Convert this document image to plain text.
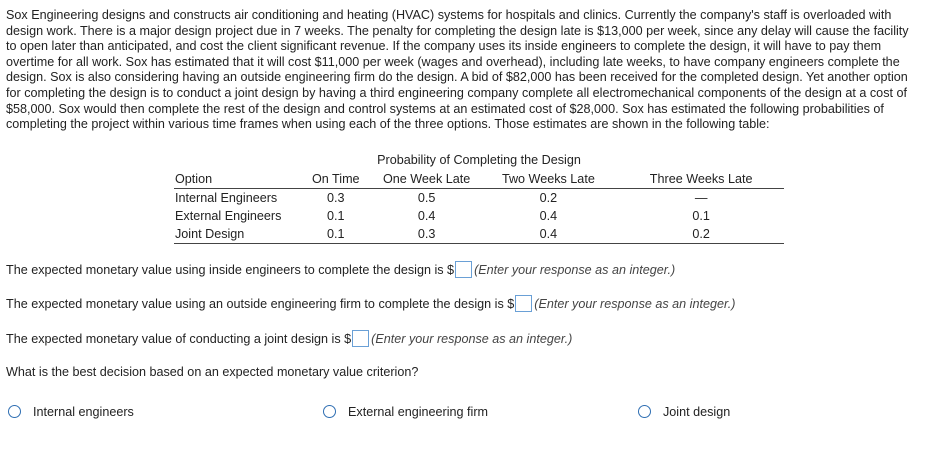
Sox Engineering designs and constructs air conditioning and heating (HVAC) systems for hospitals and clinics. Currently the company's staff is overloaded with
design work. There is a major design project due in 7 weeks. The penalty for completing the design late is $13,000 per week, since any delay will cause the facility
to open later than anticipated, and cost the client significant revenue. If the company uses its inside engineers to complete the design, it will have to pay them
overtime for all work. Sox has estimated that it will cost $11,000 per week (wages and overhead), including late weeks, to have company engineers complete the
design. Sox is also considering having an outside engineering firm do the design. A bid of $82,000 has been received for the completed design. Yet another option
for completing the design is to conduct a joint design by having a third engineering company complete all electromechanical components of the design at a cost of
$58,000. Sox would then complete the rest of the design and control systems at an estimated cost of $28,000. Sox has estimated the following probabilities of
completing the project within various time frames when using each of the three options. Those estimates are shown in the following table:

Probability of Completing the Design
Option	On Time	One Week Late	Two Weeks Late	Three Weeks Late
Internal Engineers	0.3	0.5	0.2	—
External Engineers	0.1	0.4	0.4	0.1
Joint Design	0.1	0.3	0.4	0.2
The expected monetary value using inside engineers to complete the design is $ (Enter your response as an integer.)
The expected monetary value using an outside engineering firm to complete the design is $ (Enter your response as an integer.)
The expected monetary value of conducting a joint design is $ (Enter your response as an integer.)
What is the best decision based on an expected monetary value criterion?
Internal engineers	External engineering firm	Joint design
